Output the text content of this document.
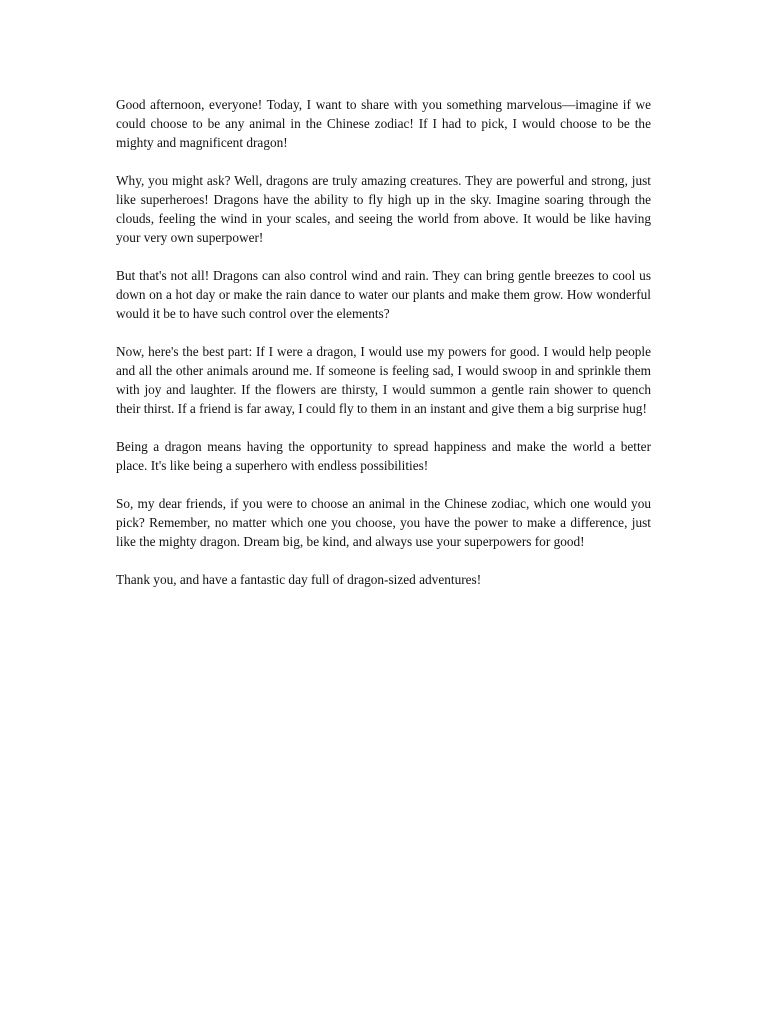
Good afternoon, everyone! Today, I want to share with you something marvelous—imagine if we could choose to be any animal in the Chinese zodiac! If I had to pick, I would choose to be the mighty and magnificent dragon!

Why, you might ask? Well, dragons are truly amazing creatures. They are powerful and strong, just like superheroes! Dragons have the ability to fly high up in the sky. Imagine soaring through the clouds, feeling the wind in your scales, and seeing the world from above. It would be like having your very own superpower!

But that's not all! Dragons can also control wind and rain. They can bring gentle breezes to cool us down on a hot day or make the rain dance to water our plants and make them grow. How wonderful would it be to have such control over the elements?

Now, here's the best part: If I were a dragon, I would use my powers for good. I would help people and all the other animals around me. If someone is feeling sad, I would swoop in and sprinkle them with joy and laughter. If the flowers are thirsty, I would summon a gentle rain shower to quench their thirst. If a friend is far away, I could fly to them in an instant and give them a big surprise hug!

Being a dragon means having the opportunity to spread happiness and make the world a better place. It's like being a superhero with endless possibilities!

So, my dear friends, if you were to choose an animal in the Chinese zodiac, which one would you pick? Remember, no matter which one you choose, you have the power to make a difference, just like the mighty dragon. Dream big, be kind, and always use your superpowers for good!

Thank you, and have a fantastic day full of dragon-sized adventures!
